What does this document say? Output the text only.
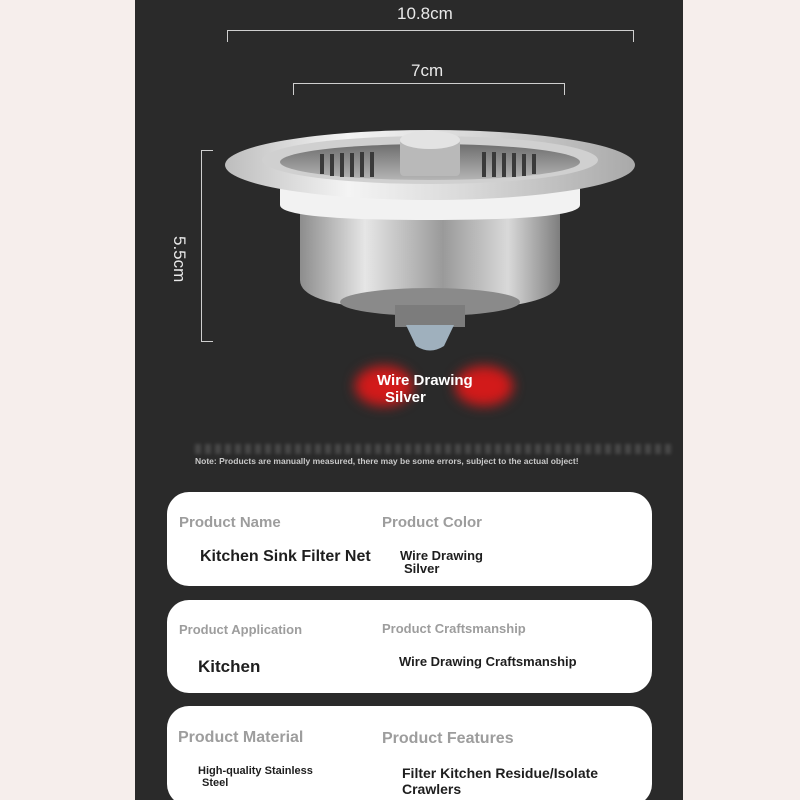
10.8cm
7cm
5.5cm
Wire Drawing
Silver
Note: Products are manually measured, there may be some errors, subject to the actual object!
Product Name
Kitchen Sink Filter Net
Product Color
Wire Drawing
Silver
Product Application
Kitchen
Product Craftsmanship
Wire Drawing Craftsmanship
Product Material
High-quality Stainless
Steel
Product Features
Filter Kitchen Residue/Isolate Crawlers
